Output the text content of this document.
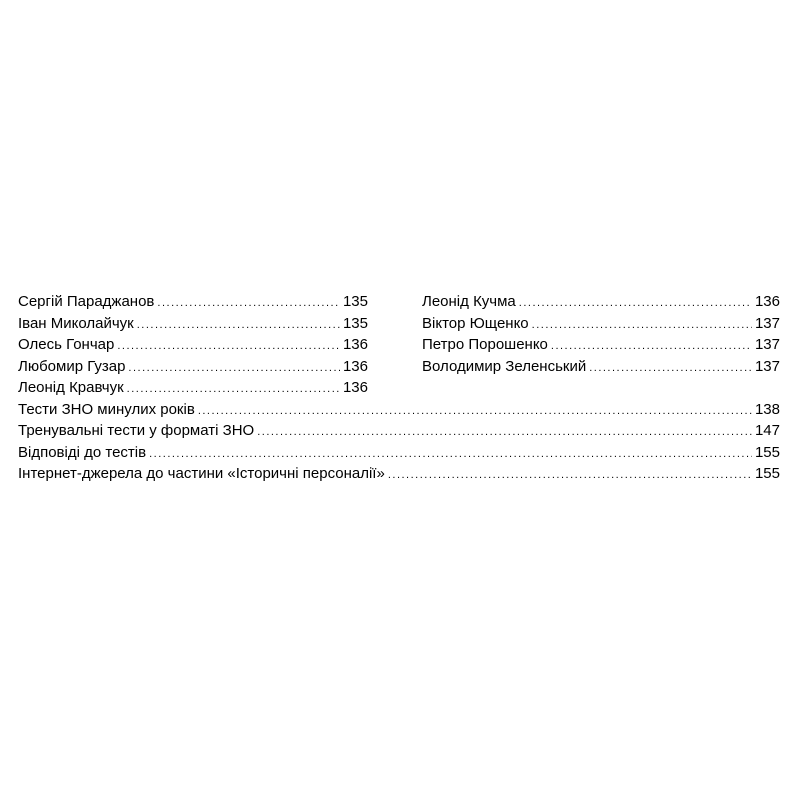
Сергій Параджанов .....	135
Іван Миколайчук .....	135
Олесь Гончар .....	136
Любомир Гузар .....	136
Леонід Кравчук .....	136
Леонід Кучма .....	136
Віктор Ющенко .....	137
Петро Порошенко .....	137
Володимир Зеленський .....	137
Тести ЗНО минулих років .....	138
Тренувальні тести у форматі ЗНО .....	147
Відповіді до тестів .....	155
Інтернет-джерела до частини «Історичні персоналії» .....	155
